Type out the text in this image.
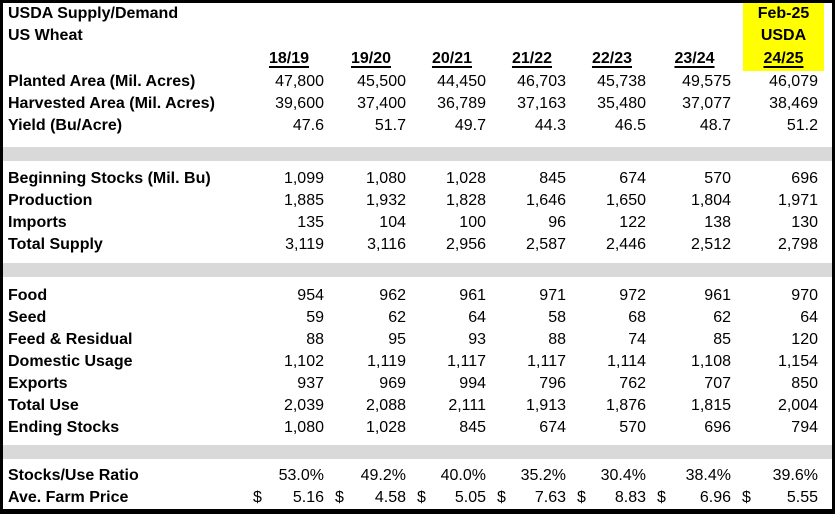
USDA Supply/Demand	Feb-25
US Wheat	USDA
18/19	19/20	20/21	21/22	22/23	23/24	24/25
Planted Area (Mil. Acres)	47,800	45,500	44,450	46,703	45,738	49,575	46,079
Harvested Area (Mil. Acres)	39,600	37,400	36,789	37,163	35,480	37,077	38,469
Yield (Bu/Acre)	47.6	51.7	49.7	44.3	46.5	48.7	51.2
Beginning Stocks (Mil. Bu)	1,099	1,080	1,028	845	674	570	696
Production	1,885	1,932	1,828	1,646	1,650	1,804	1,971
Imports	135	104	100	96	122	138	130
Total Supply	3,119	3,116	2,956	2,587	2,446	2,512	2,798
Food	954	962	961	971	972	961	970
Seed	59	62	64	58	68	62	64
Feed & Residual	88	95	93	88	74	85	120
Domestic Usage	1,102	1,119	1,117	1,117	1,114	1,108	1,154
Exports	937	969	994	796	762	707	850
Total Use	2,039	2,088	2,111	1,913	1,876	1,815	2,004
Ending Stocks	1,080	1,028	845	674	570	696	794
Stocks/Use Ratio	53.0%	49.2%	40.0%	35.2%	30.4%	38.4%	39.6%
Ave. Farm Price	$ 5.16 $ 4.58 $ 5.05 $ 7.63 $ 8.83 $ 6.96 $ 5.55
